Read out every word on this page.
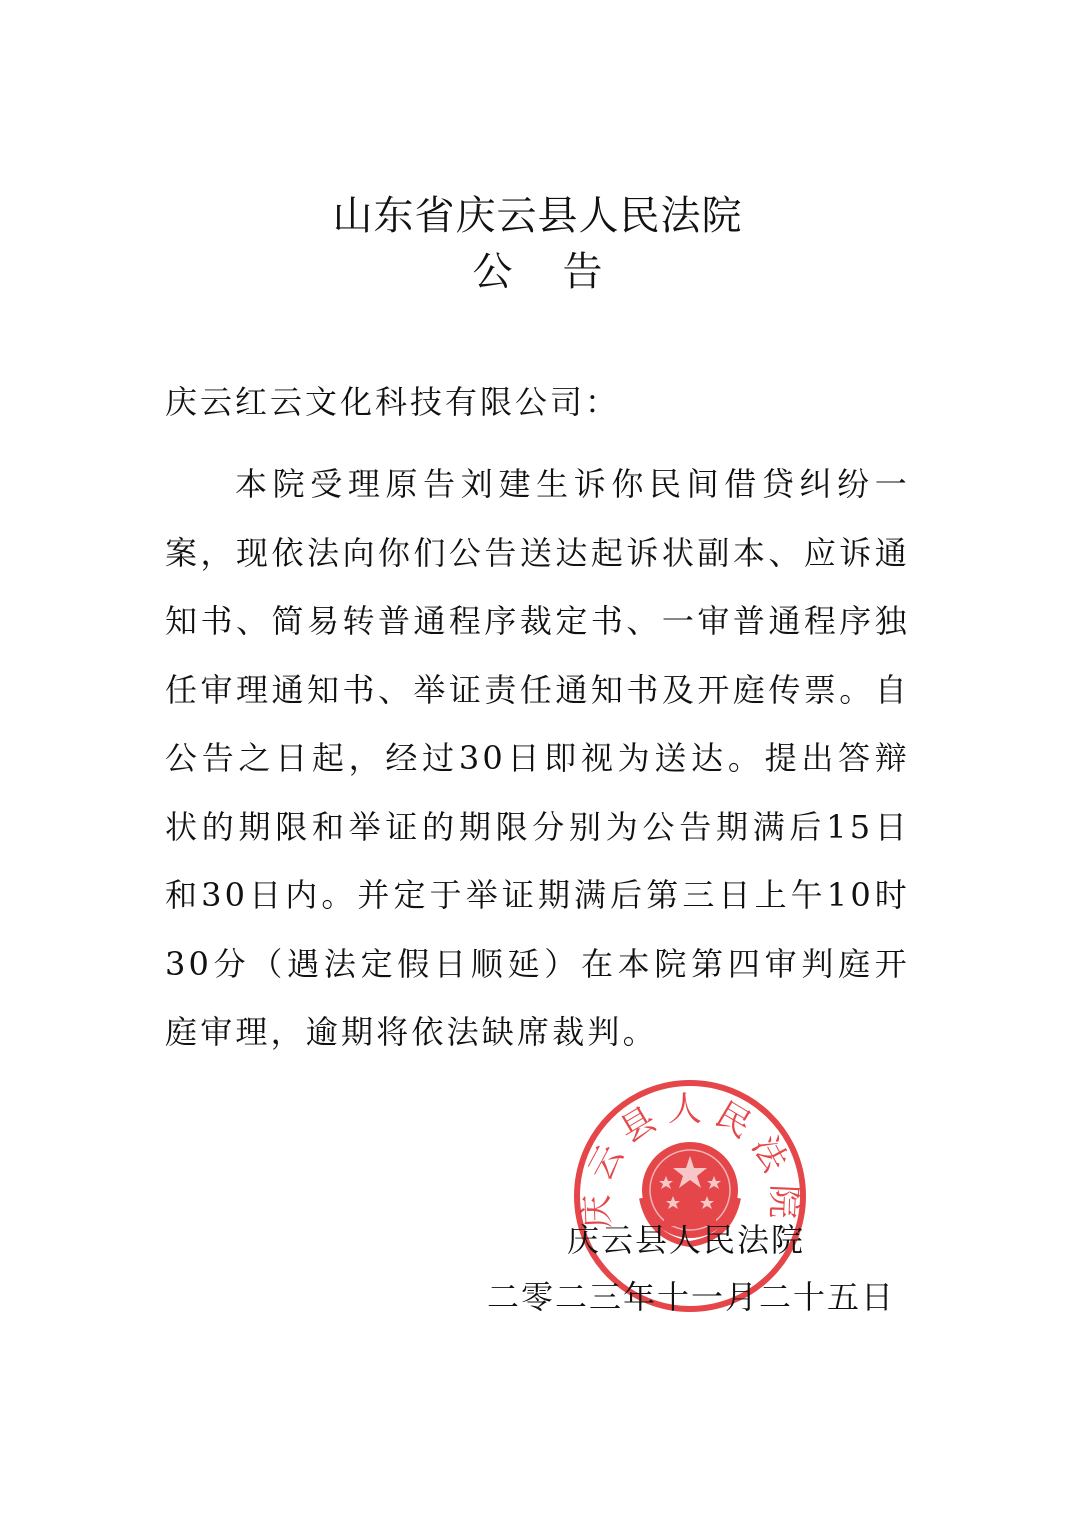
山东省庆云县人民法院
公告
庆云红云文化科技有限公司：
本院受理原告刘建生诉你民间借贷纠纷一案，现依法向你们公告送达起诉状副本、应诉通知书、简易转普通程序裁定书、一审普通程序独任审理通知书、举证责任通知书及开庭传票。自公告之日起，经过30日即视为送达。提出答辩状的期限和举证的期限分别为公告期满后15日和30日内。并定于举证期满后第三日上午10时30分（遇法定假日顺延）在本院第四审判庭开庭审理，逾期将依法缺席裁判。
庆云县人民法院
庆云县人民法院
二零二三年十一月二十五日
